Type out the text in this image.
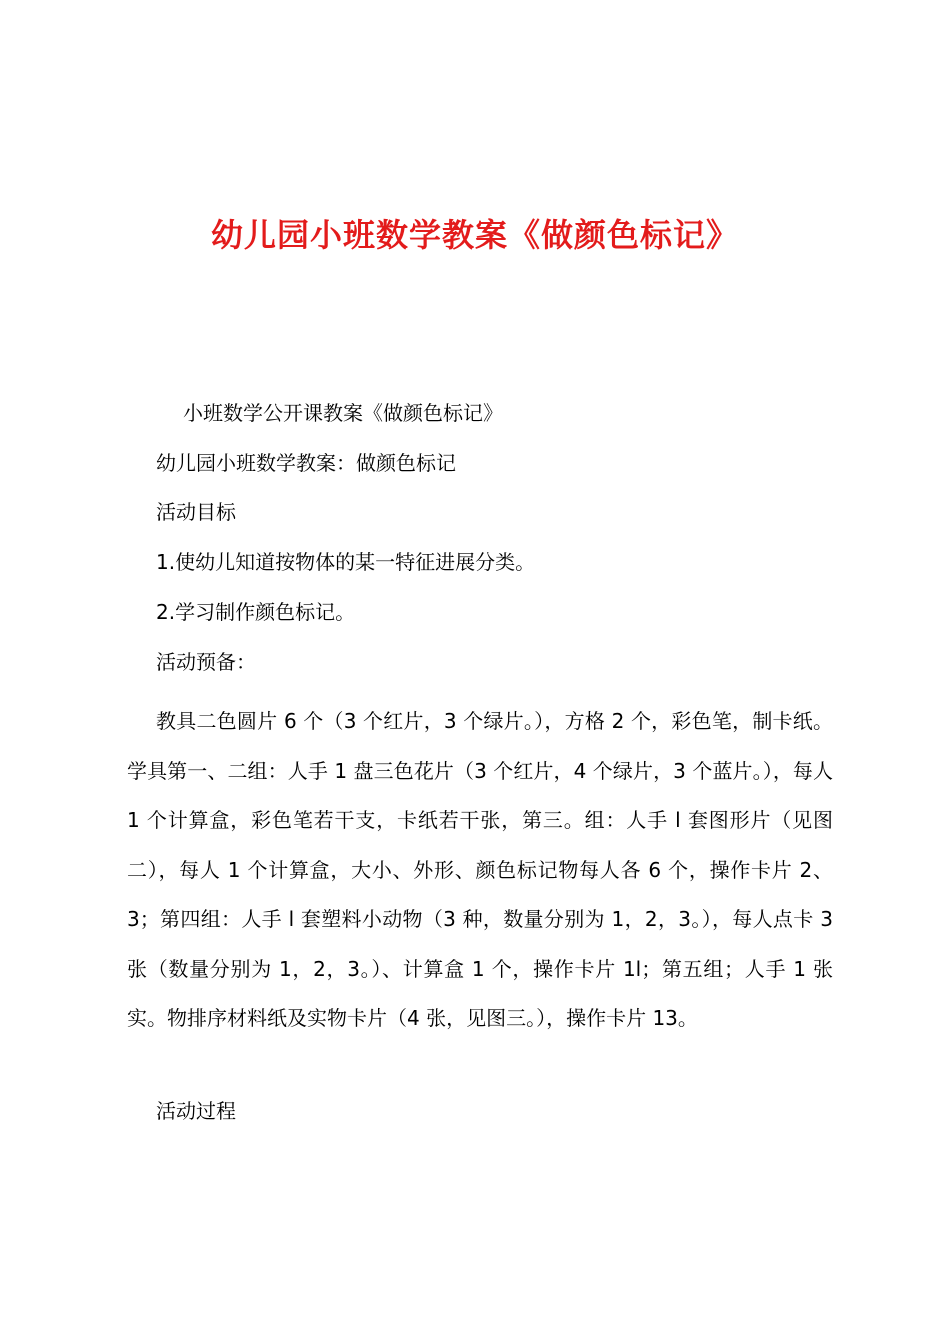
幼儿园小班数学教案《做颜色标记》
小班数学公开课教案《做颜色标记》
幼儿园小班数学教案：做颜色标记
活动目标
1.使幼儿知道按物体的某一特征进展分类。
2.学习制作颜色标记。
活动预备：
教具二色圆片 6 个（3 个红片，3 个绿片。），方格 2 个，彩色笔，制卡纸。学具第一、二组：人手 1 盘三色花片（3 个红片，4 个绿片，3 个蓝片。），每人 1 个计算盒，彩色笔若干支，卡纸若干张，第三。组：人手 l 套图形片（见图二），每人 1 个计算盒，大小、外形、颜色标记物每人各 6 个，操作卡片 2、3；第四组：人手 l 套塑料小动物（3 种，数量分别为 1，2，3。），每人点卡 3 张（数量分别为 1，2，3。）、计算盒 1 个，操作卡片 1l；第五组；人手 1 张实。物排序材料纸及实物卡片（4 张，见图三。），操作卡片 13。
活动过程
